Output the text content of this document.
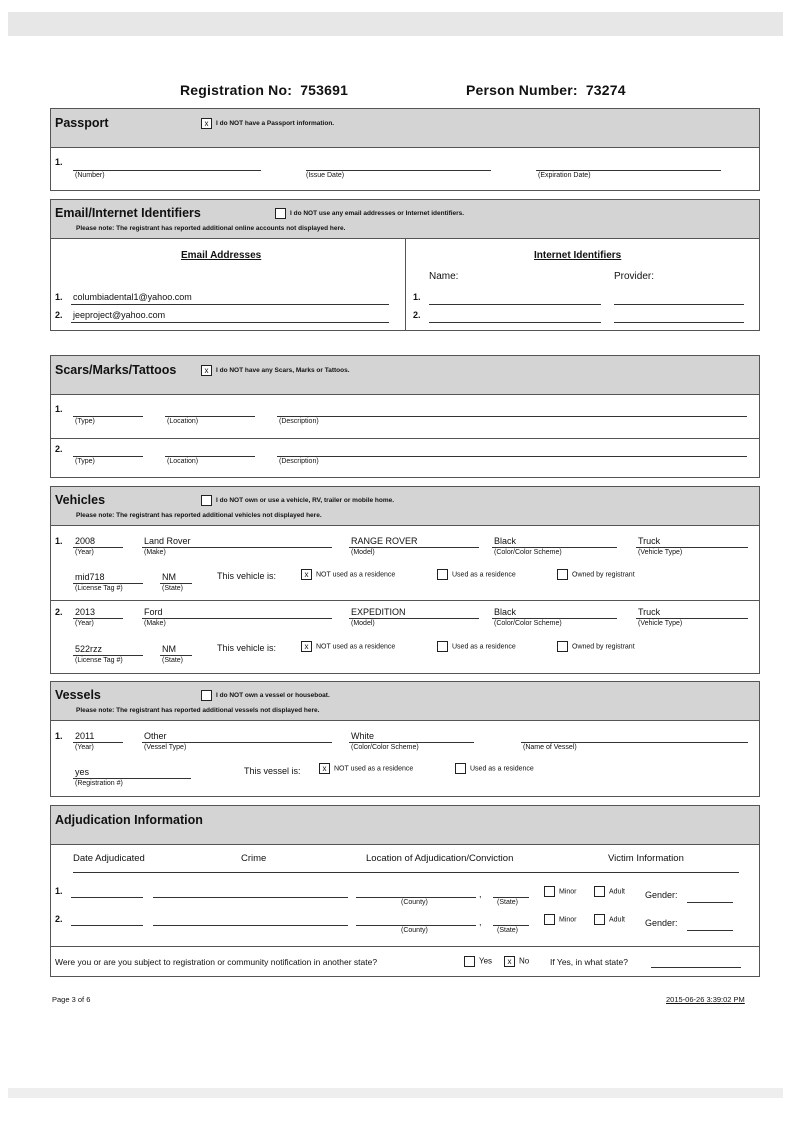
Registration No: 753691	Person Number: 73274
Passport	x I do NOT have a Passport information.
1.
(Number)	(Issue Date)	(Expiration Date)
Email/Internet Identifiers	I do NOT use any email addresses or Internet identifiers.
Please note: The registrant has reported additional online accounts not displayed here.
Email Addresses	Internet Identifiers
Name:	Provider:
1. columbiadental1@yahoo.com	1.
2. jeeproject@yahoo.com	2.
Scars/Marks/Tattoos	x I do NOT have any Scars, Marks or Tattoos.
1.
(Type)	(Location)	(Description)
2.
(Type)	(Location)	(Description)
Vehicles	I do NOT own or use a vehicle, RV, trailer or mobile home.
Please note: The registrant has reported additional vehicles not displayed here.
1. 2008	Land Rover	RANGE ROVER	Black	Truck
(Year)	(Make)	(Model)	(Color/Color Scheme)	(Vehicle Type)
mid718	NM
(License Tag #)	(State)
This vehicle is:	x NOT used as a residence	Used as a residence	Owned by registrant
2. 2013	Ford	EXPEDITION	Black	Truck
(Year)	(Make)	(Model)	(Color/Color Scheme)	(Vehicle Type)
522rzz	NM
(License Tag #)	(State)
This vehicle is:	x NOT used as a residence	Used as a residence	Owned by registrant
Vessels	I do NOT own a vessel or houseboat.
Please note: The registrant has reported additional vessels not displayed here.
1. 2011	Other	White
(Year)	(Vessel Type)	(Color/Color Scheme)	(Name of Vessel)
yes
(Registration #)
This vessel is:	x NOT used as a residence	Used as a residence
Adjudication Information
Date Adjudicated	Crime	Location of Adjudication/Conviction	Victim Information
1.	,
(County)	(State)
Minor	Adult Gender:
2.	,
(County)	(State)
Minor	Adult Gender:
Were you or are you subject to registration or community notification in another state?	Yes	x No If Yes, in what state?
Page 3 of 6	2015-06-26 3:39:02 PM
